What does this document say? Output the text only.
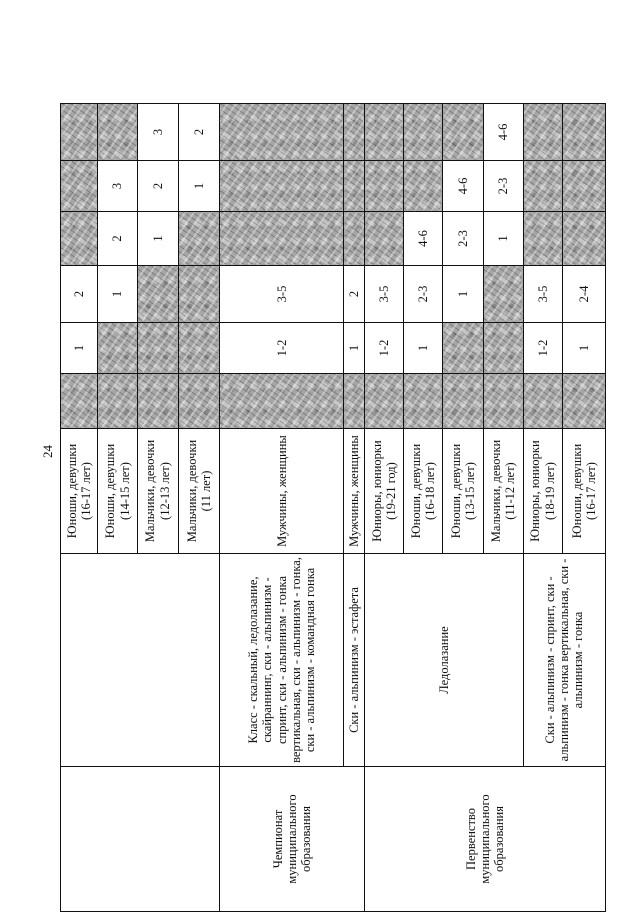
24
		Юноши, девушки (16-17 лет)		1	2			
		Юноши, девушки (14-15 лет)			1	2	3	
		Мальчики, девочки (12-13 лет)				1	2	3
		Мальчики, девочки (11 лет)					1	2
Чемпионат муниципального образования	Класс - скальный, ледолазание, скайраннинг, ски - альпинизм - спринт, ски - альпинизм - гонка вертикальная, ски - альпинизм - гонка, ски - альпинизм - командная гонка	Мужчины, женщины		1-2	3-5			
	Ски - альпинизм - эстафета	Мужчины, женщины		1	2			
Первенство муниципального образования	Ледолазание	Юниоры, юниорки (19-21 год)		1-2	3-5			
		Юноши, девушки (16-18 лет)		1	2-3	4-6		
		Юноши, девушки (13-15 лет)			1	2-3	4-6	
		Мальчики, девочки (11-12 лет)				1	2-3	4-6
	Ски - альпинизм - спринт, ски - альпинизм - гонка вертикальная, ски - альпинизм - гонка	Юниоры, юниорки (18-19 лет)		1-2	3-5			
		Юноши, девушки (16-17 лет)		1	2-4			
